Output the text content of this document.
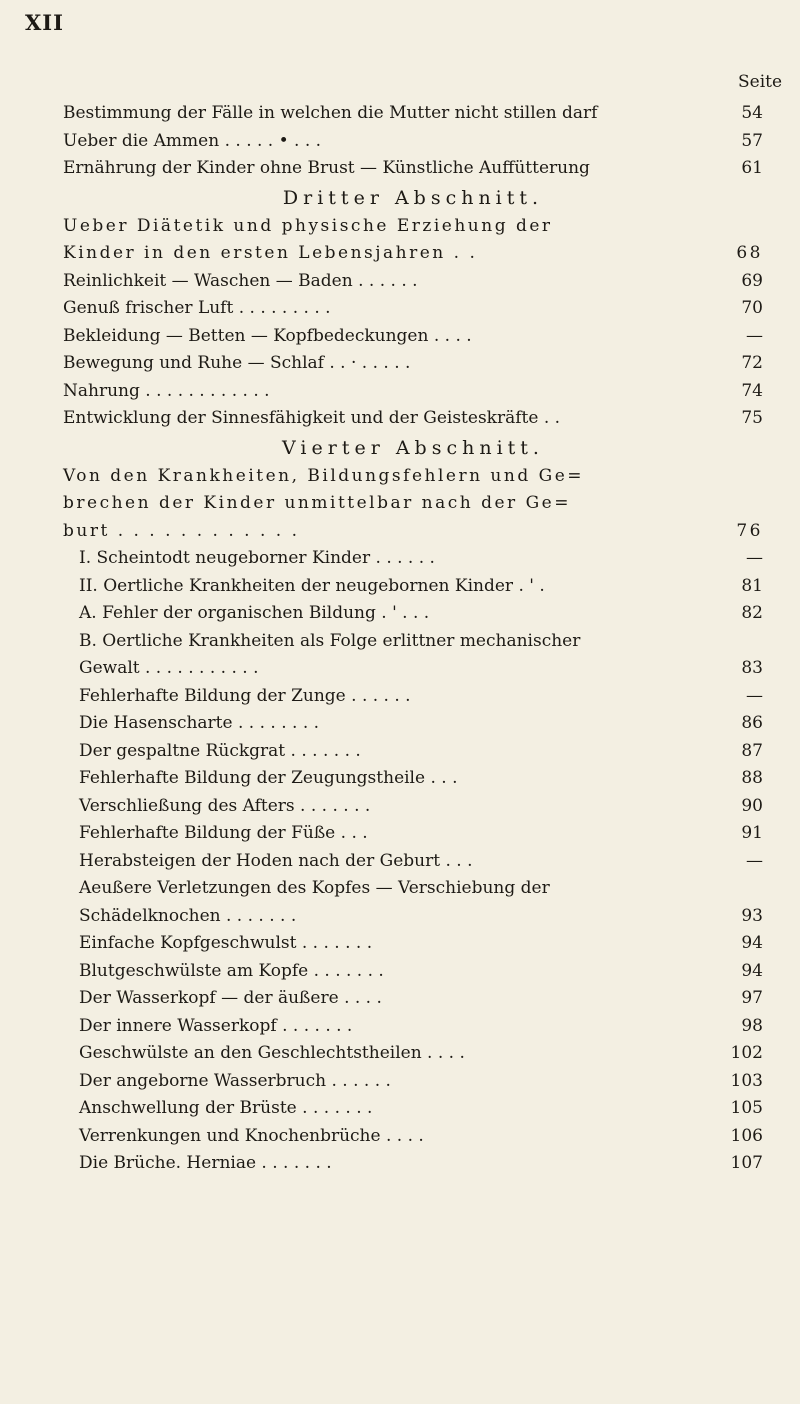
XII
Seite
Bestimmung der Fälle in welchen die Mutter nicht stillen darf	54
Ueber die Ammen . . . . . • . . .	57
Ernährung der Kinder ohne Brust — Künstliche Auffütterung	61
Dritter Abschnitt.
Ueber Diätetik und physische Erziehung der
Kinder in den ersten Lebensjahren . .	68
Reinlichkeit — Waschen — Baden . . . . . .	69
Genuß frischer Luft . . . . . . . . .	70
Bekleidung — Betten — Kopfbedeckungen . . . .	—
Bewegung und Ruhe — Schlaf . . · . . . . .	72
Nahrung . . . . . . . . . . . .	74
Entwicklung der Sinnesfähigkeit und der Geisteskräfte . .	75
Vierter Abschnitt.
Von den Krankheiten, Bildungsfehlern und Ge=
brechen der Kinder unmittelbar nach der Ge=
burt . . . . . . . . . . . .	76
I. Scheintodt neugeborner Kinder . . . . . .	—
II. Oertliche Krankheiten der neugebornen Kinder . ' .	81
A. Fehler der organischen Bildung . ' . . .	82
B. Oertliche Krankheiten als Folge erlittner mechanischer
Gewalt . . . . . . . . . . .	83
Fehlerhafte Bildung der Zunge . . . . . .	—
Die Hasenscharte . . . . . . . .	86
Der gespaltne Rückgrat . . . . . . .	87
Fehlerhafte Bildung der Zeugungstheile . . .	88
Verschließung des Afters . . . . . . .	90
Fehlerhafte Bildung der Füße . . .	91
Herabsteigen der Hoden nach der Geburt . . .	—
Aeußere Verletzungen des Kopfes — Verschiebung der
Schädelknochen . . . . . . .	93
Einfache Kopfgeschwulst . . . . . . .	94
Blutgeschwülste am Kopfe . . . . . . .	94
Der Wasserkopf — der äußere . . . .	97
Der innere Wasserkopf . . . . . . .	98
Geschwülste an den Geschlechtstheilen . . . .	102
Der angeborne Wasserbruch . . . . . .	103
Anschwellung der Brüste . . . . . . .	105
Verrenkungen und Knochenbrüche . . . .	106
Die Brüche. Herniae . . . . . . .	107
